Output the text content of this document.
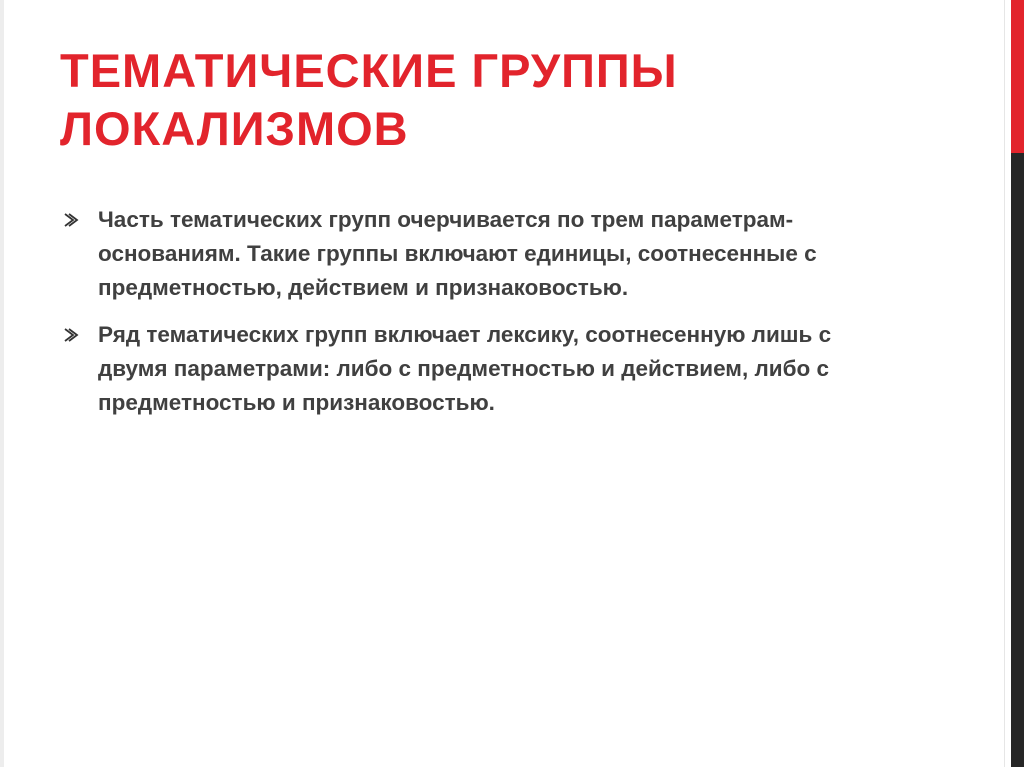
ТЕМАТИЧЕСКИЕ ГРУППЫ
ЛОКАЛИЗМОВ
Часть тематических групп очерчивается по трем параметрам-основаниям. Такие группы включают единицы, соотнесенные с предметностью, действием и признаковостью.
Ряд тематических групп включает лексику, соотнесенную лишь с двумя параметрами: либо с предметностью и действием, либо с предметностью и признаковостью.
